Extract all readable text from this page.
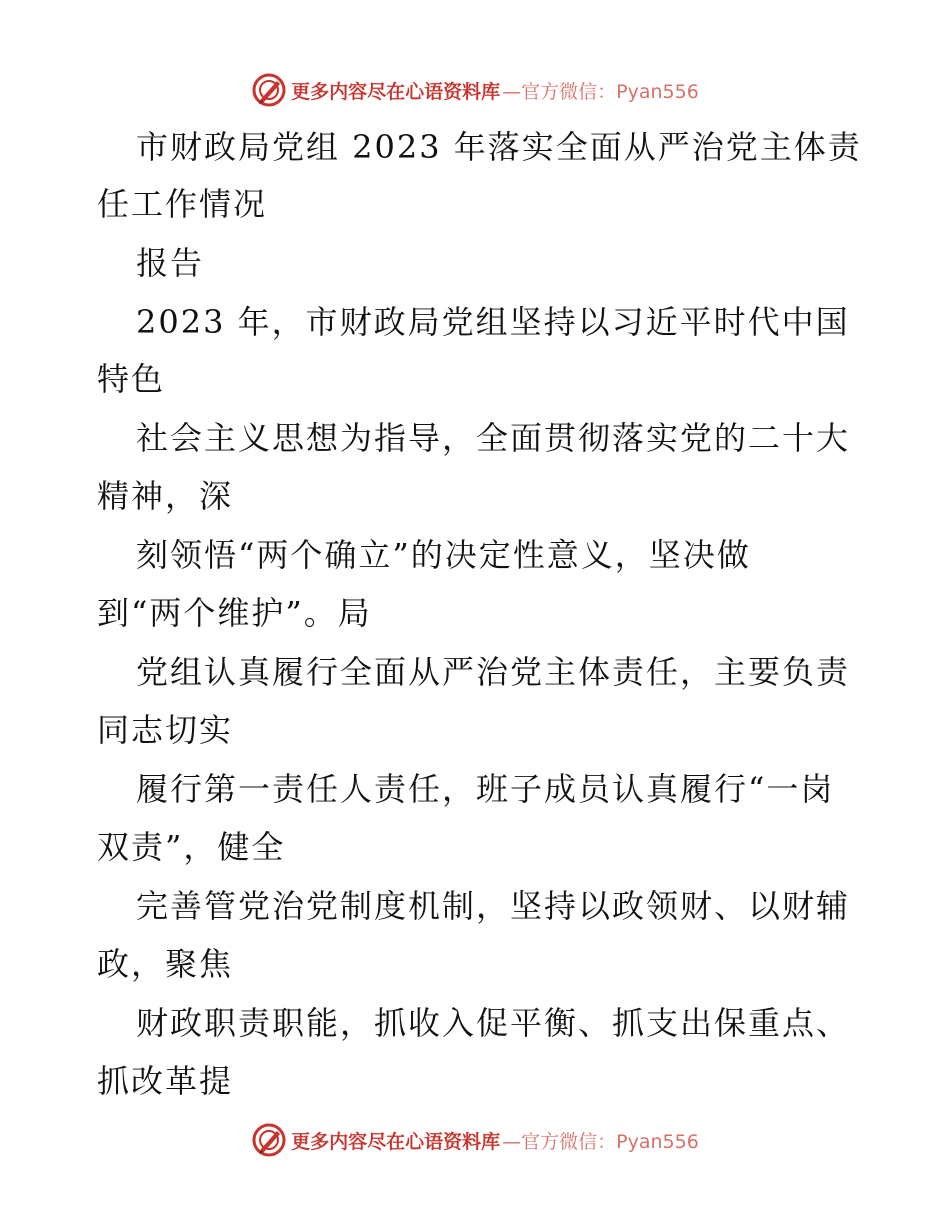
更多内容尽在心语资料库 —官方微信：Pyan556
市财政局党组 2023 年落实全面从严治党主体责
任工作情况
报告
2023 年，市财政局党组坚持以习近平时代中国
特色
社会主义思想为指导，全面贯彻落实党的二十大
精神，深
刻领悟“两个确立”的决定性意义，坚决做
到“两个维护”。局
党组认真履行全面从严治党主体责任，主要负责
同志切实
履行第一责任人责任，班子成员认真履行“一岗
双责”，健全
完善管党治党制度机制，坚持以政领财、以财辅
政，聚焦
财政职责职能，抓收入促平衡、抓支出保重点、
抓改革提
更多内容尽在心语资料库 —官方微信：Pyan556
